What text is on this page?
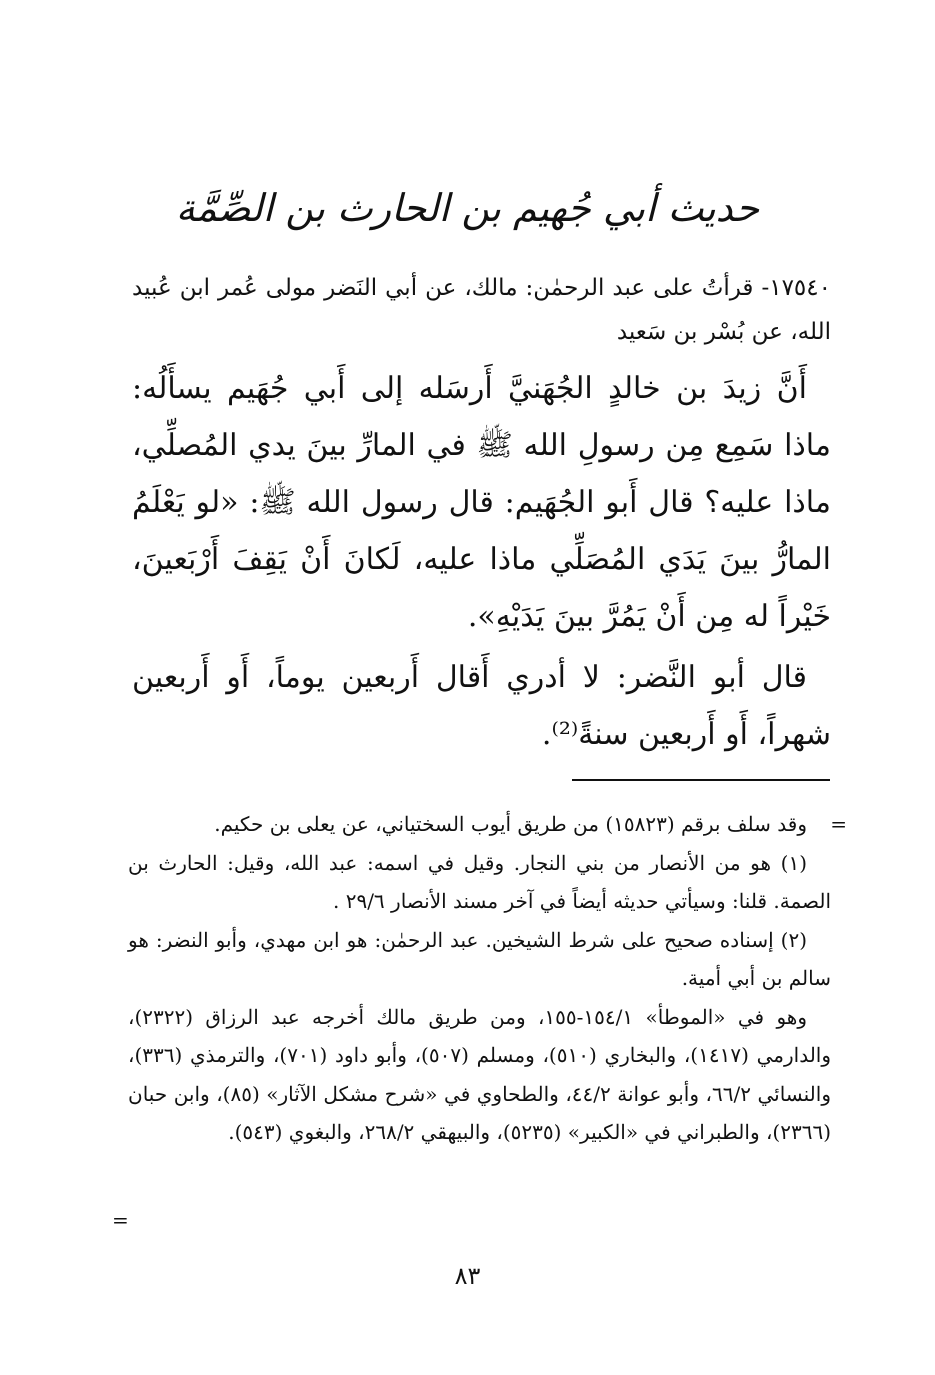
حديث أبي جُهيم بن الحارث بن الصِّمَّة

١٧٥٤٠- قرأتُ على عبد الرحمٰن: مالك، عن أبي النَضر مولى عُمر ابن عُبيد الله، عن بُسْر بن سَعيد

أَنَّ زيدَ بن خالدٍ الجُهَنيَّ أَرسَله إلى أَبي جُهَيم يسأَلُه: ماذا سَمِع مِن رسولِ الله ﷺ في المارِّ بينَ يدي المُصلِّي، ماذا عليه؟ قال أَبو الجُهَيم: قال رسول الله ﷺ: «لو يَعْلَمُ المارُّ بينَ يَدَي المُصَلِّي ماذا عليه، لَكانَ أَنْ يَقِفَ أَرْبَعينَ، خَيْراً له مِن أَنْ يَمُرَّ بينَ يَدَيْهِ».

قال أبو النَّضر: لا أدري أَقال أَربعين يوماً، أَو أَربعين شهراً، أَو أَربعين سنةً⁽²⁾.

=

وقد سلف برقم (١٥٨٢٣) من طريق أيوب السختياني، عن يعلى بن حكيم.

(١) هو من الأنصار من بني النجار. وقيل في اسمه: عبد الله، وقيل: الحارث بن الصمة. قلنا: وسيأتي حديثه أيضاً في آخر مسند الأنصار ٢٩/٦ .

(٢) إسناده صحيح على شرط الشيخين. عبد الرحمٰن: هو ابن مهدي، وأبو النضر: هو سالم بن أبي أمية.

وهو في «الموطأ» ١٥٤/١-١٥٥، ومن طريق مالك أخرجه عبد الرزاق (٢٣٢٢)، والدارمي (١٤١٧)، والبخاري (٥١٠)، ومسلم (٥٠٧)، وأبو داود (٧٠١)، والترمذي (٣٣٦)، والنسائي ٦٦/٢، وأبو عوانة ٤٤/٢، والطحاوي في «شرح مشكل الآثار» (٨٥)، وابن حبان (٢٣٦٦)، والطبراني في «الكبير» (٥٢٣٥)، والبيهقي ٢٦٨/٢، والبغوي (٥٤٣).

=
٨٣
